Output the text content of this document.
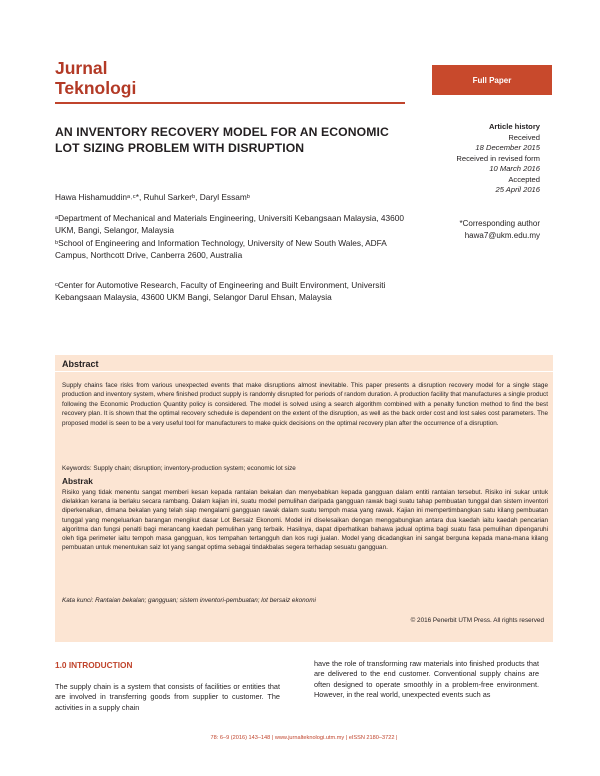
Jurnal
Teknologi	Full Paper
AN INVENTORY RECOVERY MODEL FOR AN ECONOMIC LOT SIZING PROBLEM WITH DISRUPTION
Hawa Hishamuddinᵃ˒ᶜ*, Ruhul Sarkerᵇ, Daryl Essamᵇ
ᵃDepartment of Mechanical and Materials Engineering, Universiti Kebangsaan Malaysia, 43600 UKM, Bangi, Selangor, Malaysia
ᵇSchool of Engineering and Information Technology, University of New South Wales, ADFA Campus, Northcott Drive, Canberra 2600, Australia
ᶜCenter for Automotive Research, Faculty of Engineering and Built Environment, Universiti Kebangsaan Malaysia, 43600 UKM Bangi, Selangor Darul Ehsan, Malaysia
Article history
Received
18 December 2015
Received in revised form
10 March 2016
Accepted
25 April 2016
*Corresponding author
hawa7@ukm.edu.my
Abstract
Supply chains face risks from various unexpected events that make disruptions almost inevitable. This paper presents a disruption recovery model for a single stage production and inventory system, where finished product supply is randomly disrupted for periods of random duration. A production facility that manufactures a single product following the Economic Production Quantity policy is considered. The model is solved using a search algorithm combined with a penalty function method to find the best recovery plan. It is shown that the optimal recovery schedule is dependent on the extent of the disruption, as well as the back order cost and lost sales cost parameters. The proposed model is seen to be a very useful tool for manufacturers to make quick decisions on the optimal recovery plan after the occurrence of a disruption.
Keywords: Supply chain; disruption; inventory-production system; economic lot size
Abstrak
Risiko yang tidak menentu sangat memberi kesan kepada rantaian bekalan dan menyebabkan kepada gangguan dalam entiti rantaian tersebut. Risiko ini sukar untuk dielakkan kerana ia berlaku secara rambang. Dalam kajian ini, suatu model pemulihan daripada gangguan rawak bagi suatu tahap pembuatan tunggal dan sistem inventori diperkenalkan, dimana bekalan yang telah siap mengalami gangguan rawak dalam suatu tempoh masa yang rawak. Kajian ini mempertimbangkan satu kilang pembuatan tunggal yang mengeluarkan barangan mengikut dasar Lot Bersaiz Ekonomi. Model ini diselesaikan dengan menggabungkan antara dua kaedah iaitu kaedah pencarian algoritma dan fungsi penalti bagi merancang kaedah pemulihan yang terbaik. Hasilnya, dapat diperhatikan bahawa jadual optima bagi suatu fasa pemulihan dipengaruhi oleh tiga perimeter iaitu tempoh masa gangguan, kos tempahan tertangguh dan kos rugi jualan. Model yang dicadangkan ini sangat berguna kepada mana-mana kilang pembuatan untuk menentukan saiz lot yang sangat optima sebagai tindakbalas segera terhadap sesuatu gangguan.
Kata kunci: Rantaian bekalan; gangguan; sistem inventori-pembuatan; lot bersaiz ekonomi
© 2016 Penerbit UTM Press. All rights reserved
1.0 INTRODUCTION
The supply chain is a system that consists of facilities or entities that are involved in transferring goods from supplier to customer. The activities in a supply chain
have the role of transforming raw materials into finished products that are delivered to the end customer. Conventional supply chains are often designed to operate smoothly in a problem-free environment. However, in the real world, unexpected events such as
78: 6–9 (2016) 143–148 | www.jurnalteknologi.utm.my | eISSN 2180–3722 |
